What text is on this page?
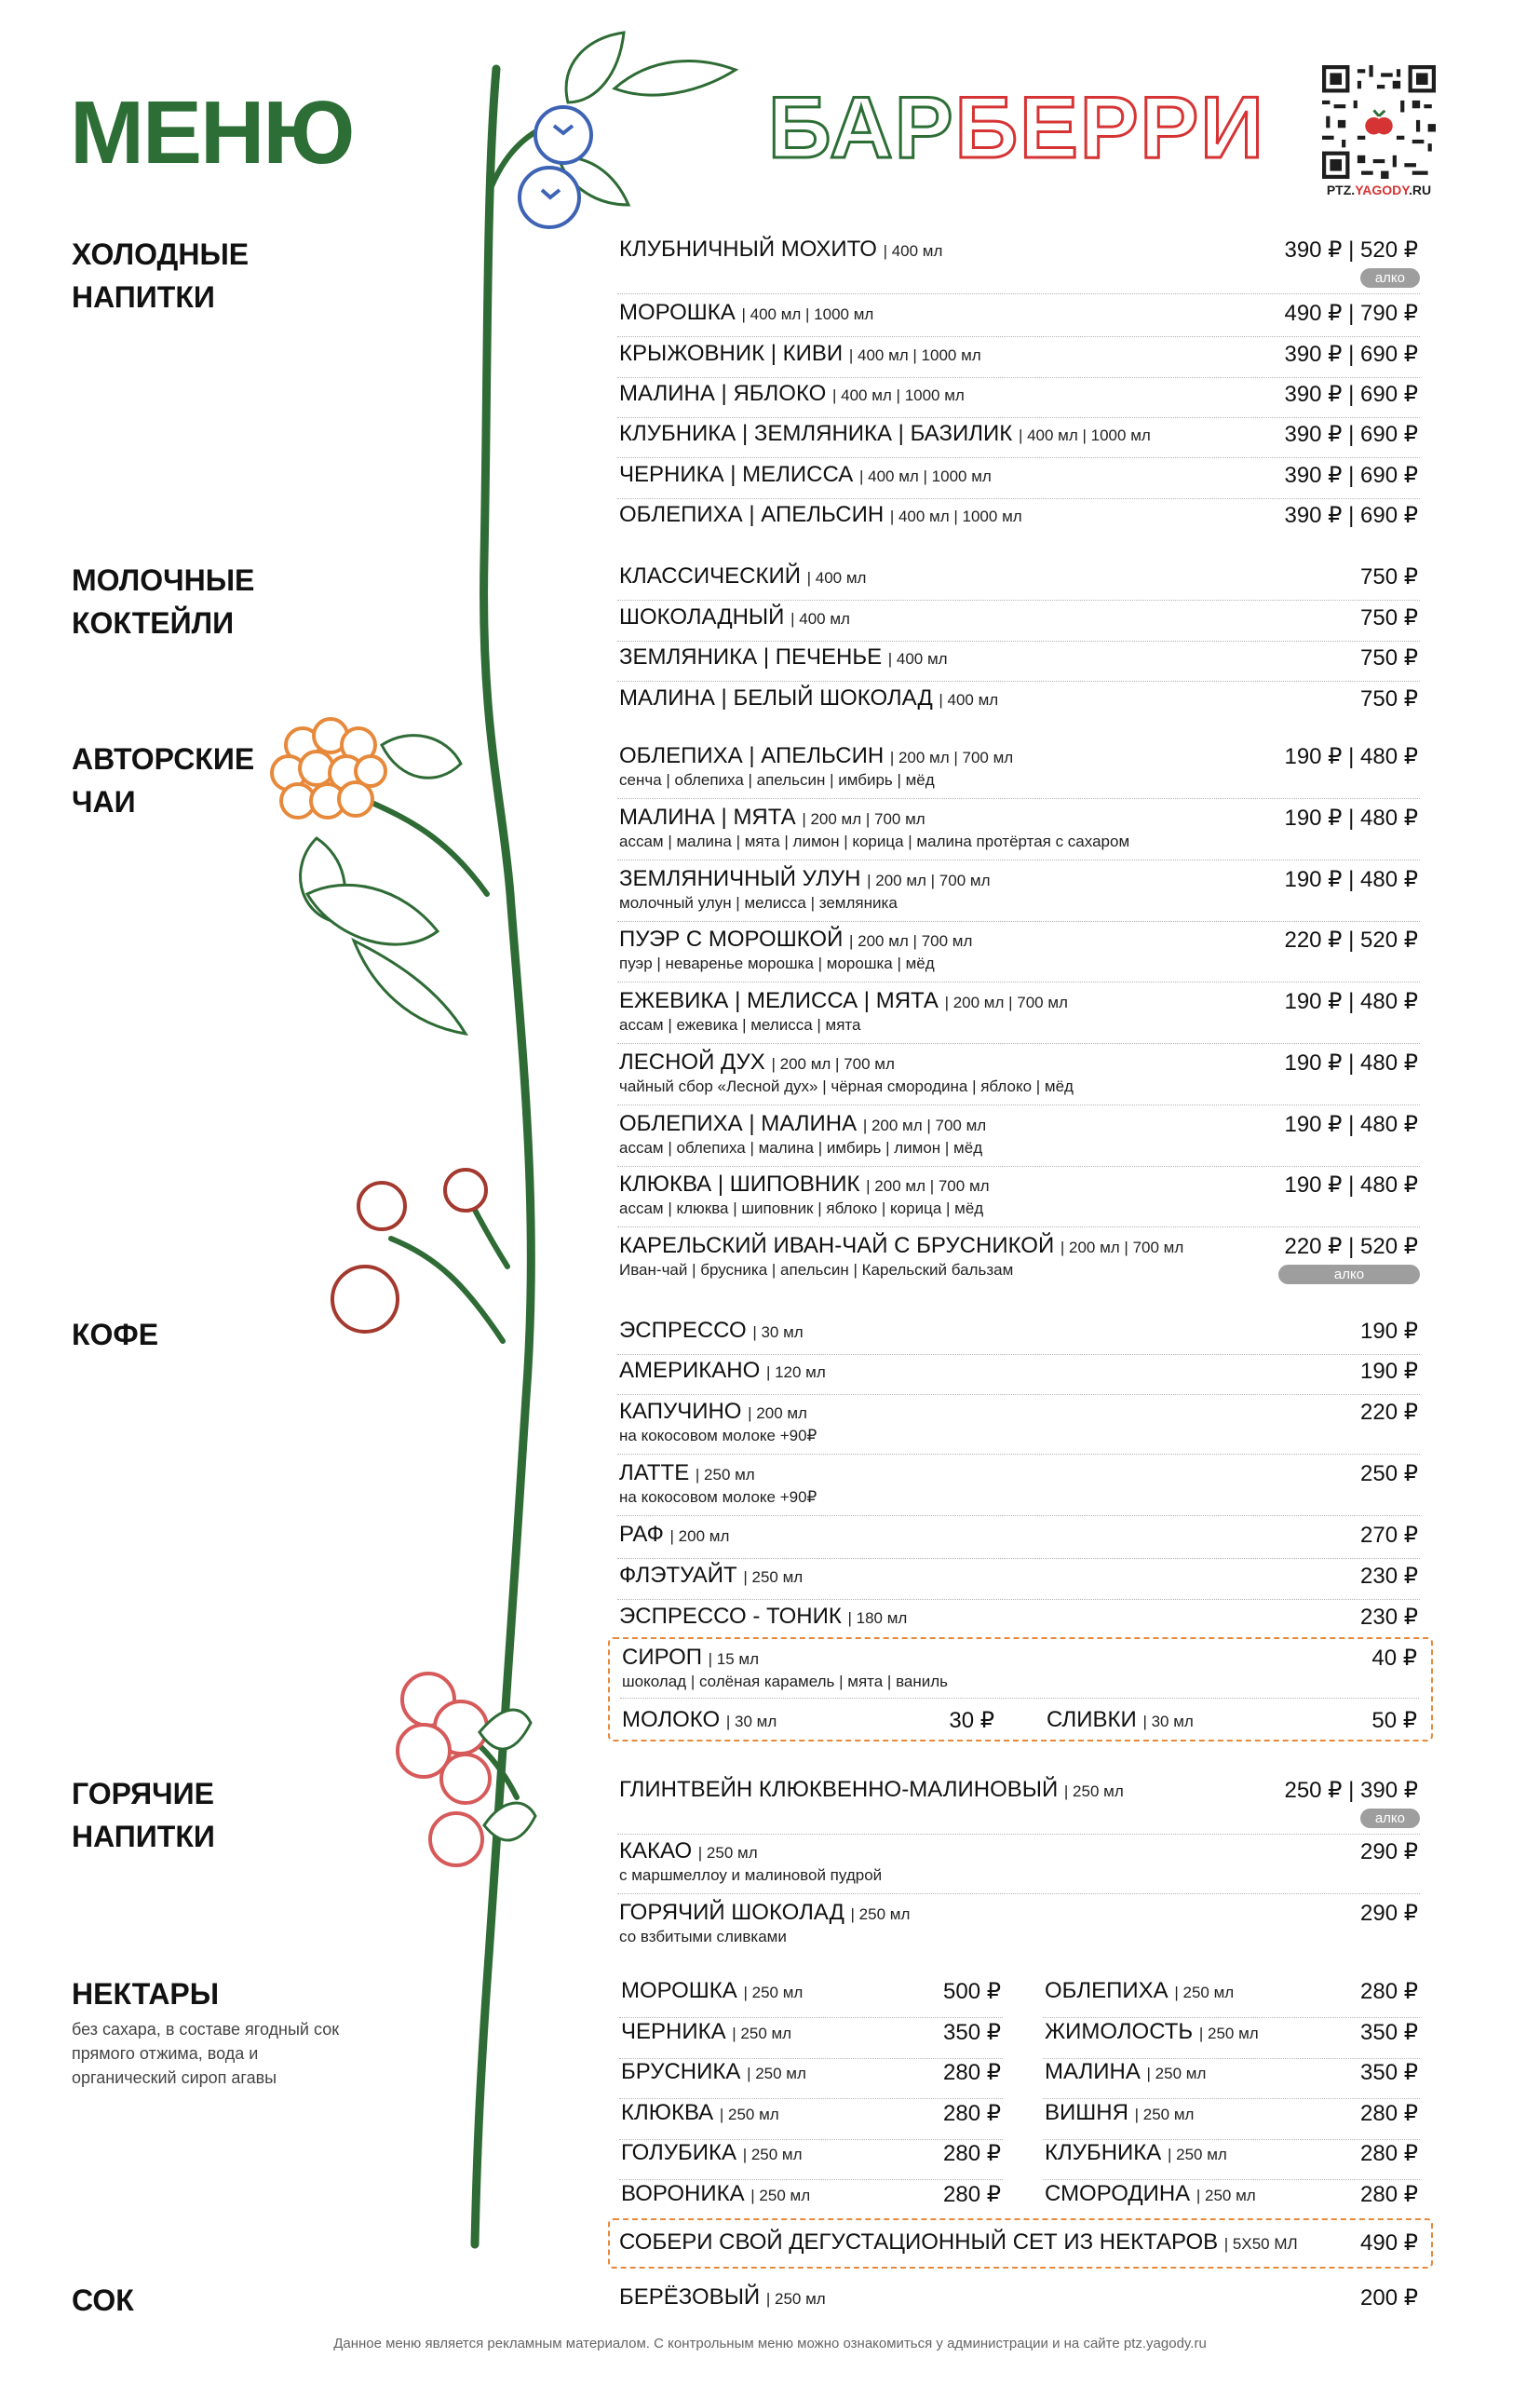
МЕНЮ	БАРБЕРРИ
PTZ.YAGODY.RU
ХОЛОДНЫЕ
НАПИТКИ
МОЛОЧНЫЕ
КОКТЕЙЛИ
АВТОРСКИЕ
ЧАИ
КОФЕ
ГОРЯЧИЕ
НАПИТКИ
НЕКТАРЫ
без сахара, в составе ягодный сок
прямого отжима, вода и
органический сироп агавы
СОК
КЛУБНИЧНЫЙ МОХИТО | 400 мл	390 ₽ | 520 ₽
алко
МОРОШКА | 400 мл | 1000 мл	490 ₽ | 790 ₽
КРЫЖОВНИК | КИВИ | 400 мл | 1000 мл	390 ₽ | 690 ₽
МАЛИНА | ЯБЛОКО | 400 мл | 1000 мл	390 ₽ | 690 ₽
КЛУБНИКА | ЗЕМЛЯНИКА | БАЗИЛИК | 400 мл | 1000 мл	390 ₽ | 690 ₽
ЧЕРНИКА | МЕЛИССА | 400 мл | 1000 мл	390 ₽ | 690 ₽
ОБЛЕПИХА | АПЕЛЬСИН | 400 мл | 1000 мл	390 ₽ | 690 ₽
КЛАССИЧЕСКИЙ | 400 мл	750 ₽
ШОКОЛАДНЫЙ | 400 мл	750 ₽
ЗЕМЛЯНИКА | ПЕЧЕНЬЕ | 400 мл	750 ₽
МАЛИНА | БЕЛЫЙ ШОКОЛАД | 400 мл	750 ₽
ОБЛЕПИХА | АПЕЛЬСИН | 200 мл | 700 мл
сенча | облепиха | апельсин | имбирь | мёд
190 ₽ | 480 ₽
МАЛИНА | МЯТА | 200 мл | 700 мл
ассам | малина | мята | лимон | корица | малина протёртая с сахаром
190 ₽ | 480 ₽
ЗЕМЛЯНИЧНЫЙ УЛУН | 200 мл | 700 мл
молочный улун | мелисса | земляника
190 ₽ | 480 ₽
ПУЭР С МОРОШКОЙ | 200 мл | 700 мл
пуэр | неваренье морошка | морошка | мёд
220 ₽ | 520 ₽
ЕЖЕВИКА | МЕЛИССА | МЯТА | 200 мл | 700 мл
ассам | ежевика | мелисса | мята
190 ₽ | 480 ₽
ЛЕСНОЙ ДУХ | 200 мл | 700 мл
чайный сбор «Лесной дух» | чёрная смородина | яблоко | мёд
190 ₽ | 480 ₽
ОБЛЕПИХА | МАЛИНА | 200 мл | 700 мл
ассам | облепиха | малина | имбирь | лимон | мёд
190 ₽ | 480 ₽
КЛЮКВА | ШИПОВНИК | 200 мл | 700 мл
ассам | клюква | шиповник | яблоко | корица | мёд
190 ₽ | 480 ₽
КАРЕЛЬСКИЙ ИВАН-ЧАЙ С БРУСНИКОЙ | 200 мл | 700 мл
Иван-чай | брусника | апельсин | Карельский бальзам
220 ₽ | 520 ₽
алко
ЭСПРЕССО | 30 мл	190 ₽
АМЕРИКАНО | 120 мл	190 ₽
КАПУЧИНО | 200 мл
на кокосовом молоке +90₽
220 ₽
ЛАТТЕ | 250 мл
на кокосовом молоке +90₽
250 ₽
РАФ | 200 мл	270 ₽
ФЛЭТУАЙТ | 250 мл	230 ₽
ЭСПРЕССО - ТОНИК | 180 мл	230 ₽
СИРОП | 15 мл
шоколад | солёная карамель | мята | ваниль
40 ₽
МОЛОКО | 30 мл	30 ₽ СЛИВКИ | 30 мл	50 ₽
ГЛИНТВЕЙН КЛЮКВЕННО-МАЛИНОВЫЙ | 250 мл	250 ₽ | 390 ₽
алко
КАКАО | 250 мл
с маршмеллоу и малиновой пудрой
290 ₽
ГОРЯЧИЙ ШОКОЛАД | 250 мл
со взбитыми сливками
290 ₽
МОРОШКА | 250 мл	500 ₽
ЧЕРНИКА | 250 мл	350 ₽
БРУСНИКА | 250 мл	280 ₽
КЛЮКВА | 250 мл	280 ₽
ГОЛУБИКА | 250 мл	280 ₽
ВОРОНИКА | 250 мл	280 ₽
ОБЛЕПИХА | 250 мл	280 ₽
ЖИМОЛОСТЬ | 250 мл	350 ₽
МАЛИНА | 250 мл	350 ₽
ВИШНЯ | 250 мл	280 ₽
КЛУБНИКА | 250 мл	280 ₽
СМОРОДИНА | 250 мл	280 ₽
СОБЕРИ СВОЙ ДЕГУСТАЦИОННЫЙ СЕТ ИЗ НЕКТАРОВ | 5Х50 МЛ	490 ₽
БЕРЁЗОВЫЙ | 250 мл	200 ₽
Данное меню является рекламным материалом. С контрольным меню можно ознакомиться у администрации и на сайте ptz.yagody.ru
